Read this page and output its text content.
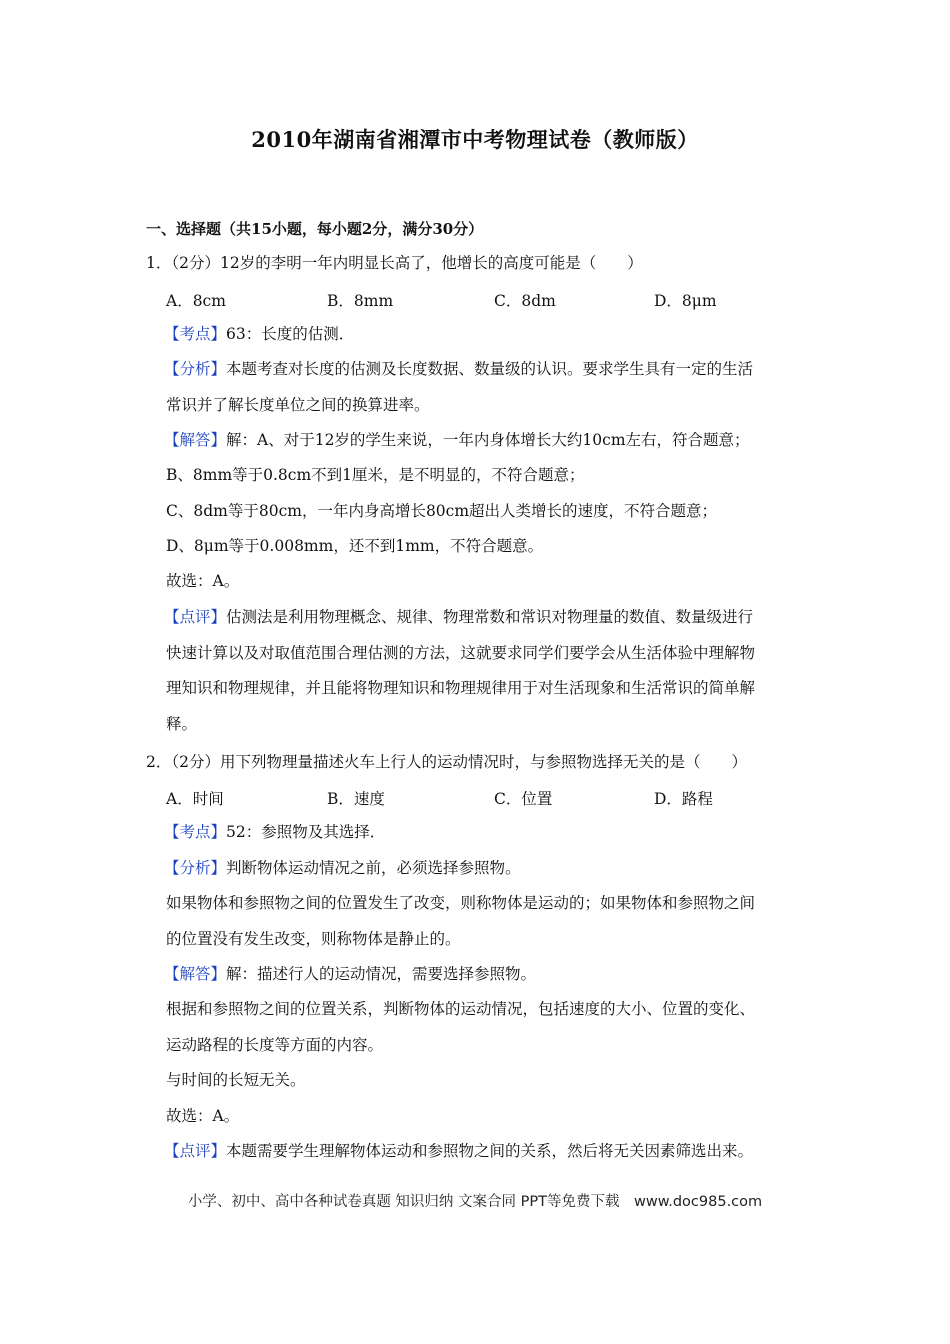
2010年湖南省湘潭市中考物理试卷（教师版）
一、选择题（共15小题，每小题2分，满分30分）
1．（2分）12岁的李明一年内明显长高了，他增长的高度可能是（　　）
A．8cm	B．8mm	C．8dm	D．8μm
【考点】63：长度的估测．
【分析】本题考查对长度的估测及长度数据、数量级的认识。要求学生具有一定的生活
常识并了解长度单位之间的换算进率。
【解答】解：A、对于12岁的学生来说，一年内身体增长大约10cm左右，符合题意；
B、8mm等于0.8cm不到1厘米，是不明显的，不符合题意；
C、8dm等于80cm，一年内身高增长80cm超出人类增长的速度，不符合题意；
D、8μm等于0.008mm，还不到1mm，不符合题意。
故选：A。
【点评】估测法是利用物理概念、规律、物理常数和常识对物理量的数值、数量级进行
快速计算以及对取值范围合理估测的方法，这就要求同学们要学会从生活体验中理解物
理知识和物理规律，并且能将物理知识和物理规律用于对生活现象和生活常识的简单解
释。
2．（2分）用下列物理量描述火车上行人的运动情况时，与参照物选择无关的是（　　）
A．时间	B．速度	C．位置	D．路程
【考点】52：参照物及其选择．
【分析】判断物体运动情况之前，必须选择参照物。
如果物体和参照物之间的位置发生了改变，则称物体是运动的；如果物体和参照物之间
的位置没有发生改变，则称物体是静止的。
【解答】解：描述行人的运动情况，需要选择参照物。
根据和参照物之间的位置关系，判断物体的运动情况，包括速度的大小、位置的变化、
运动路程的长度等方面的内容。
与时间的长短无关。
故选：A。
【点评】本题需要学生理解物体运动和参照物之间的关系，然后将无关因素筛选出来。
小学、初中、高中各种试卷真题 知识归纳 文案合同 PPT等免费下载　www.doc985.com
